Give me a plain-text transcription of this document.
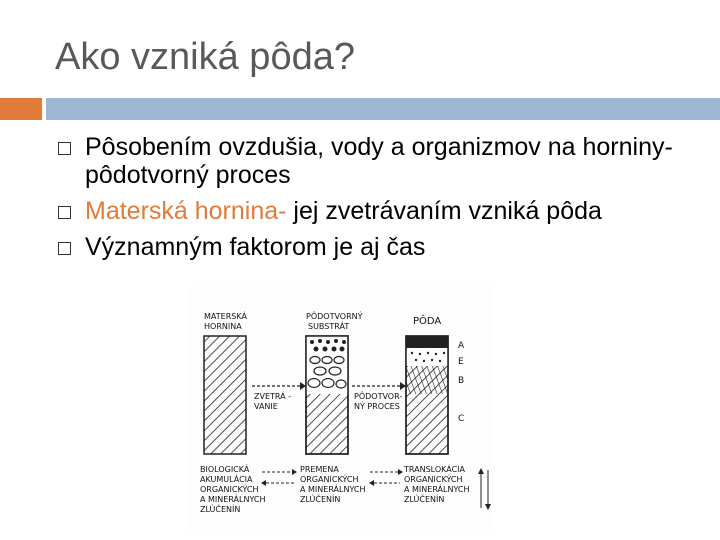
Ako vzniká pôda?
Pôsobením ovzdušia, vody a organizmov na horniny- pôdotvorný proces
Materská hornina- jej zvetrávaním vzniká pôda
Významným faktorom je aj čas
MATERSKÁ
HORNINA
PÔDOTVORNÝ
SUBSTRÁT	PÔDA
A
E
B
C
ZVETRÁ -
VANIE
PÔDOTVOR-
NÝ PROCES
BIOLOGICKÁ
AKUMULÁCIA
ORGANICKÝCH
A MINERÁLNYCH
ZLÚČENÍN
PREMENA
ORGANICKÝCH
A MINERÁLNYCH
ZLÚČENÍN
TRANSLOKÁCIA
ORGANICKÝCH
A MINERÁLNYCH
ZLÚČENÍN
